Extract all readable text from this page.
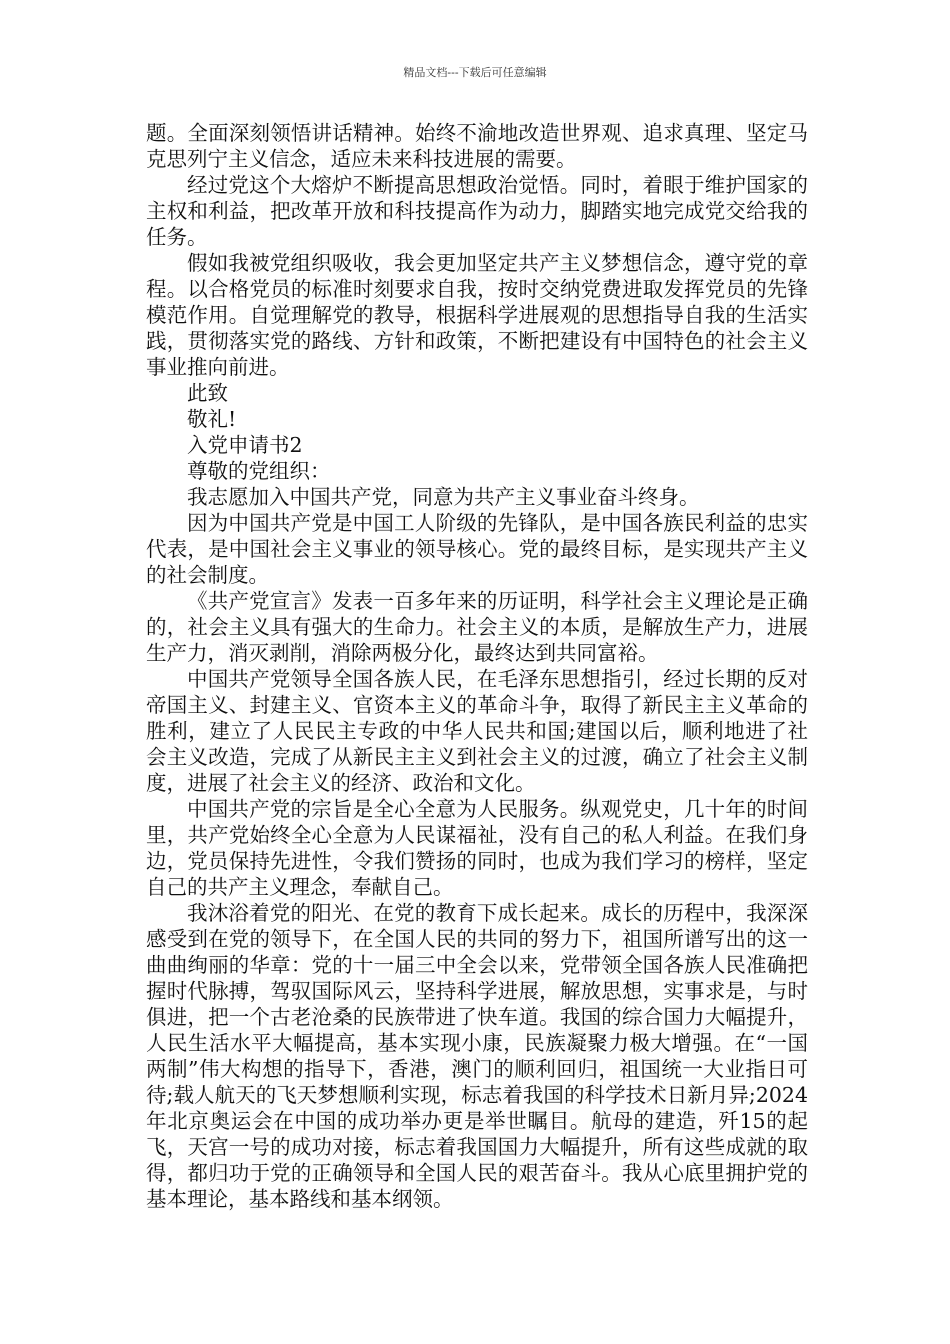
精品文档---下载后可任意编辑

题。全面深刻领悟讲话精神。始终不渝地改造世界观、追求真理、坚定马克思列宁主义信念，适应未来科技进展的需要。

经过党这个大熔炉不断提高思想政治觉悟。同时，着眼于维护国家的主权和利益，把改革开放和科技提高作为动力，脚踏实地完成党交给我的任务。

假如我被党组织吸收，我会更加坚定共产主义梦想信念，遵守党的章程。以合格党员的标准时刻要求自我，按时交纳党费进取发挥党员的先锋模范作用。自觉理解党的教导，根据科学进展观的思想指导自我的生活实践，贯彻落实党的路线、方针和政策，不断把建设有中国特色的社会主义事业推向前进。

此致

敬礼!

入党申请书2

尊敬的党组织：

我志愿加入中国共产党，同意为共产主义事业奋斗终身。

因为中国共产党是中国工人阶级的先锋队，是中国各族民利益的忠实代表，是中国社会主义事业的领导核心。党的最终目标，是实现共产主义的社会制度。

《共产党宣言》发表一百多年来的历证明，科学社会主义理论是正确的，社会主义具有强大的生命力。社会主义的本质，是解放生产力，进展生产力，消灭剥削，消除两极分化，最终达到共同富裕。

中国共产党领导全国各族人民，在毛泽东思想指引，经过长期的反对帝国主义、封建主义、官资本主义的革命斗争，取得了新民主主义革命的胜利，建立了人民民主专政的中华人民共和国;建国以后，顺利地进了社会主义改造，完成了从新民主主义到社会主义的过渡，确立了社会主义制度，进展了社会主义的经济、政治和文化。

中国共产党的宗旨是全心全意为人民服务。纵观党史，几十年的时间里，共产党始终全心全意为人民谋福祉，没有自己的私人利益。在我们身边，党员保持先进性，令我们赞扬的同时，也成为我们学习的榜样，坚定自己的共产主义理念，奉献自己。

我沐浴着党的阳光、在党的教育下成长起来。成长的历程中，我深深感受到在党的领导下，在全国人民的共同的努力下，祖国所谱写出的这一曲曲绚丽的华章：党的十一届三中全会以来，党带领全国各族人民准确把握时代脉搏，驾驭国际风云，坚持科学进展，解放思想，实事求是，与时俱进，把一个古老沧桑的民族带进了快车道。我国的综合国力大幅提升，人民生活水平大幅提高，基本实现小康，民族凝聚力极大增强。在“一国两制”伟大构想的指导下，香港，澳门的顺利回归，祖国统一大业指日可待;载人航天的飞天梦想顺利实现，标志着我国的科学技术日新月异;2024年北京奥运会在中国的成功举办更是举世瞩目。航母的建造，歼15的起飞，天宫一号的成功对接，标志着我国国力大幅提升，所有这些成就的取得，都归功于党的正确领导和全国人民的艰苦奋斗。我从心底里拥护党的基本理论，基本路线和基本纲领。
